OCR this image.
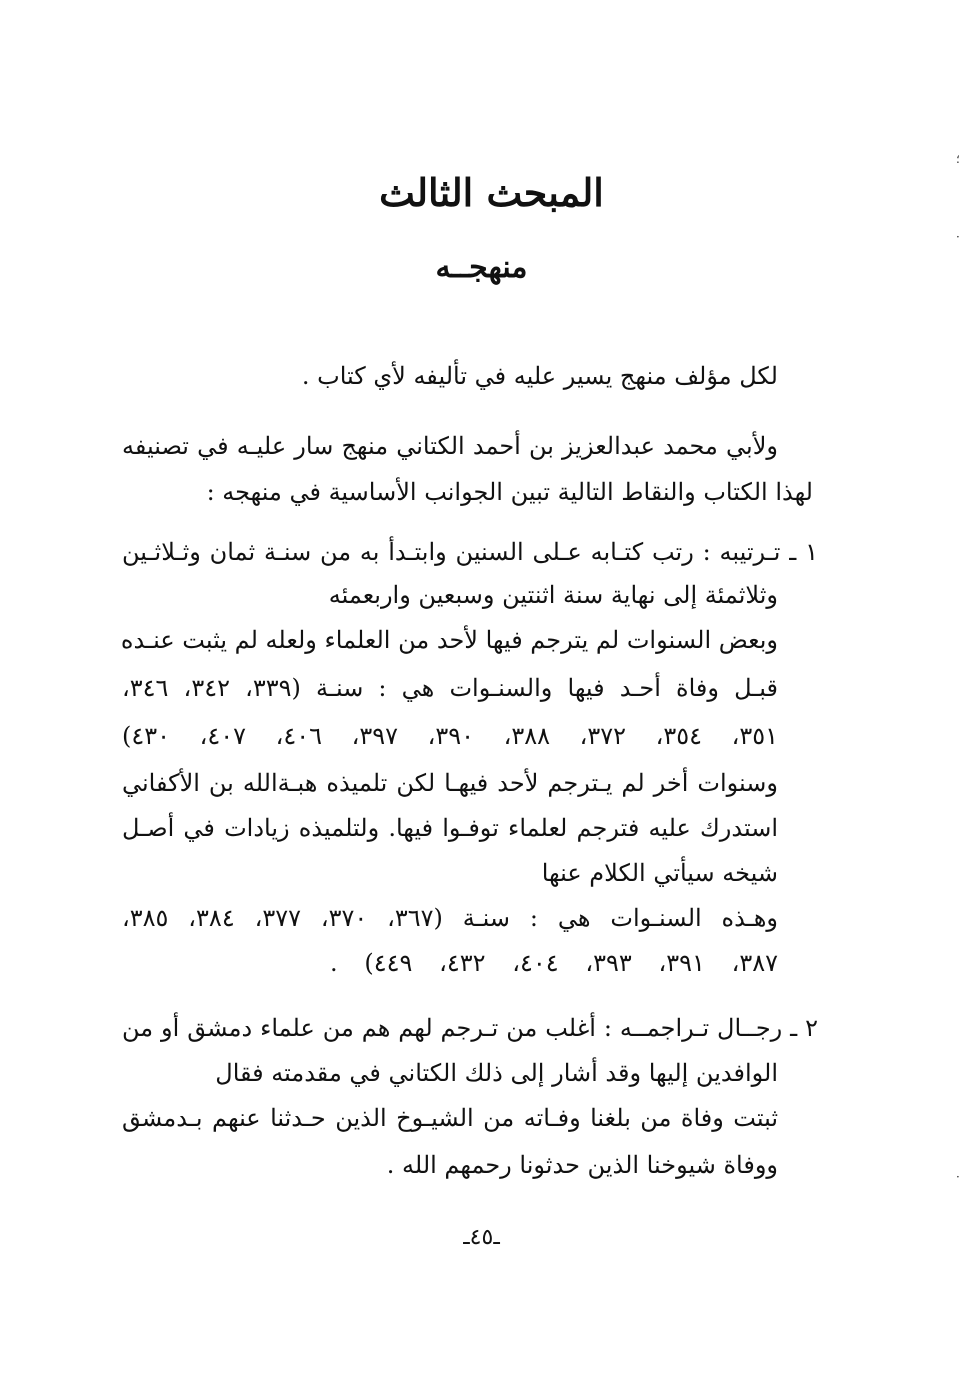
المبحث الثالث
منهجــه
لكل مؤلف منهج يسير عليه في تأليفه لأي كتاب .
ولأبي محمد عبدالعزيز بن أحمد الكتاني منهج سار عليـه في تصنيفه
لهذا الكتاب والنقاط التالية تبين الجوانب الأساسية في منهجه :
١ ـ تـرتيبه : رتب كتـابه عـلى السنين وابتـدأ به من سنـة ثمان وثـلاثـين
وثلاثمئة إلى نهاية سنة اثنتين وسبعين واربعمئه
وبعض السنوات لم يترجم فيها لأحد من العلماء ولعله لم يثبت عنـده
قبـل وفاة أحـد فيها والسنـوات هي : سنـة (٣٣٩، ٣٤٢، ٣٤٦،
٣٥١، ٣٥٤، ٣٧٢، ٣٨٨، ٣٩٠، ٣٩٧، ٤٠٦، ٤٠٧، ٤٣٠)
وسنوات أخر لم يـترجم لأحد فيهـا لكن تلميذه هبـةالله بن الأكفاني
استدرك عليه فترجم لعلماء توفـوا فيها. ولتلميذه زيادات في أصـل
شيخه سيأتي الكلام عنها
وهـذه السنـوات هي : سنـة (٣٦٧، ٣٧٠، ٣٧٧، ٣٨٤، ٣٨٥،
٣٨٧، ٣٩١، ٣٩٣، ٤٠٤، ٤٣٢، ٤٤٩) .
٢ ـ رجــال تـراجمــه : أغلب من تـرجم لهم هم من علماء دمشق أو من
الوافدين إليها وقد أشار إلى ذلك الكتاني في مقدمته فقال
ثبتت وفاة من بلغنا وفـاته من الشيـوخ الذين حـدثنا عنهم بـدمشق
ووفاة شيوخنا الذين حدثونا رحمهم الله .
ـ٤٥ـ
؛
·
·
